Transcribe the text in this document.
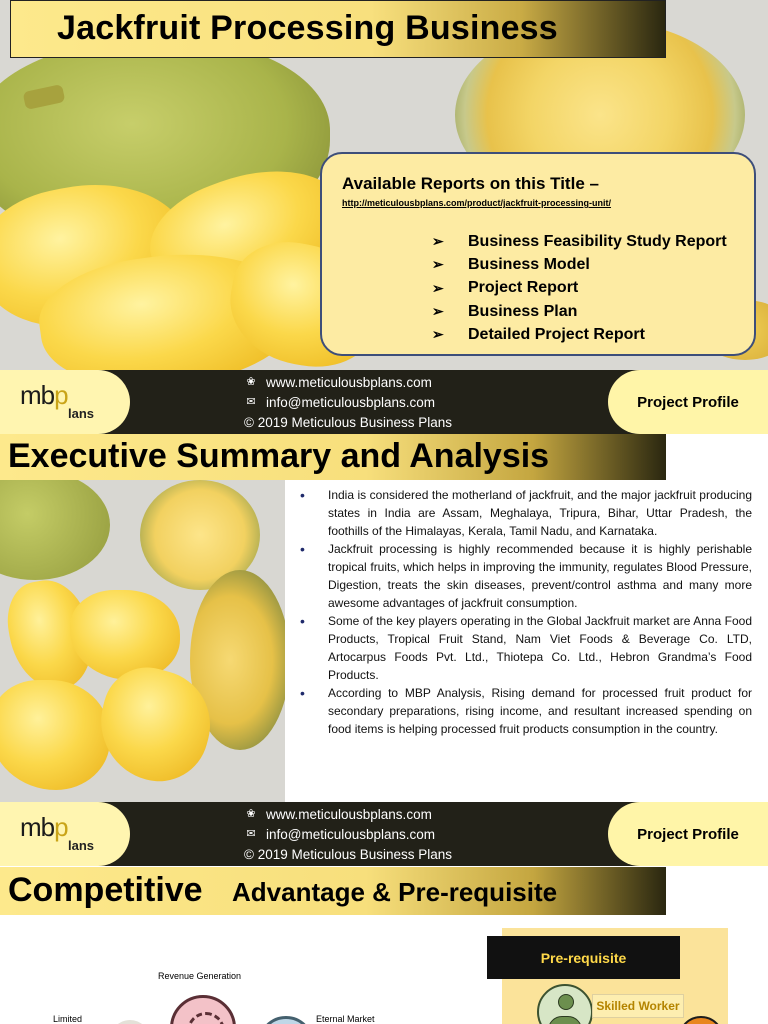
Jackfruit Processing Business
Available Reports on this Title –
http://meticulousbplans.com/product/jackfruit-processing-unit/
➢	Business Feasibility Study Report
➢	Business Model
➢	Project Report
➢	Business Plan
➢	Detailed Project Report
mbp
lans
❀ www.meticulousbplans.com
✉ info@meticulousbplans.com
© 2019 Meticulous Business Plans
Project Profile
Executive Summary and Analysis
• India is considered the motherland of jackfruit, and the major jackfruit producing states in India are Assam, Meghalaya, Tripura, Bihar, Uttar Pradesh, the foothills of the Himalayas, Kerala, Tamil Nadu, and Karnataka.
• Jackfruit processing is highly recommended because it is highly perishable tropical fruits, which helps in improving the immunity, regulates Blood Pressure, Digestion, treats the skin diseases, prevent/control asthma and many more awesome advantages of jackfruit consumption.
• Some of the key players operating in the Global Jackfruit market are Anna Food Products, Tropical Fruit Stand, Nam Viet Foods & Beverage Co. LTD, Artocarpus Foods Pvt. Ltd., Thiotepa Co. Ltd., Hebron Grandma’s Food Products.
• According to MBP Analysis, Rising demand for processed fruit product for secondary preparations, rising income, and resultant increased spending on food items is helping processed fruit products consumption in the country.
mbp
lans
❀ www.meticulousbplans.com
✉ info@meticulousbplans.com
© 2019 Meticulous Business Plans
Project Profile
Competitive Advantage & Pre-requisite
Revenue Generation
Limited	Eternal Market
Pre-requisite
Skilled Worker
